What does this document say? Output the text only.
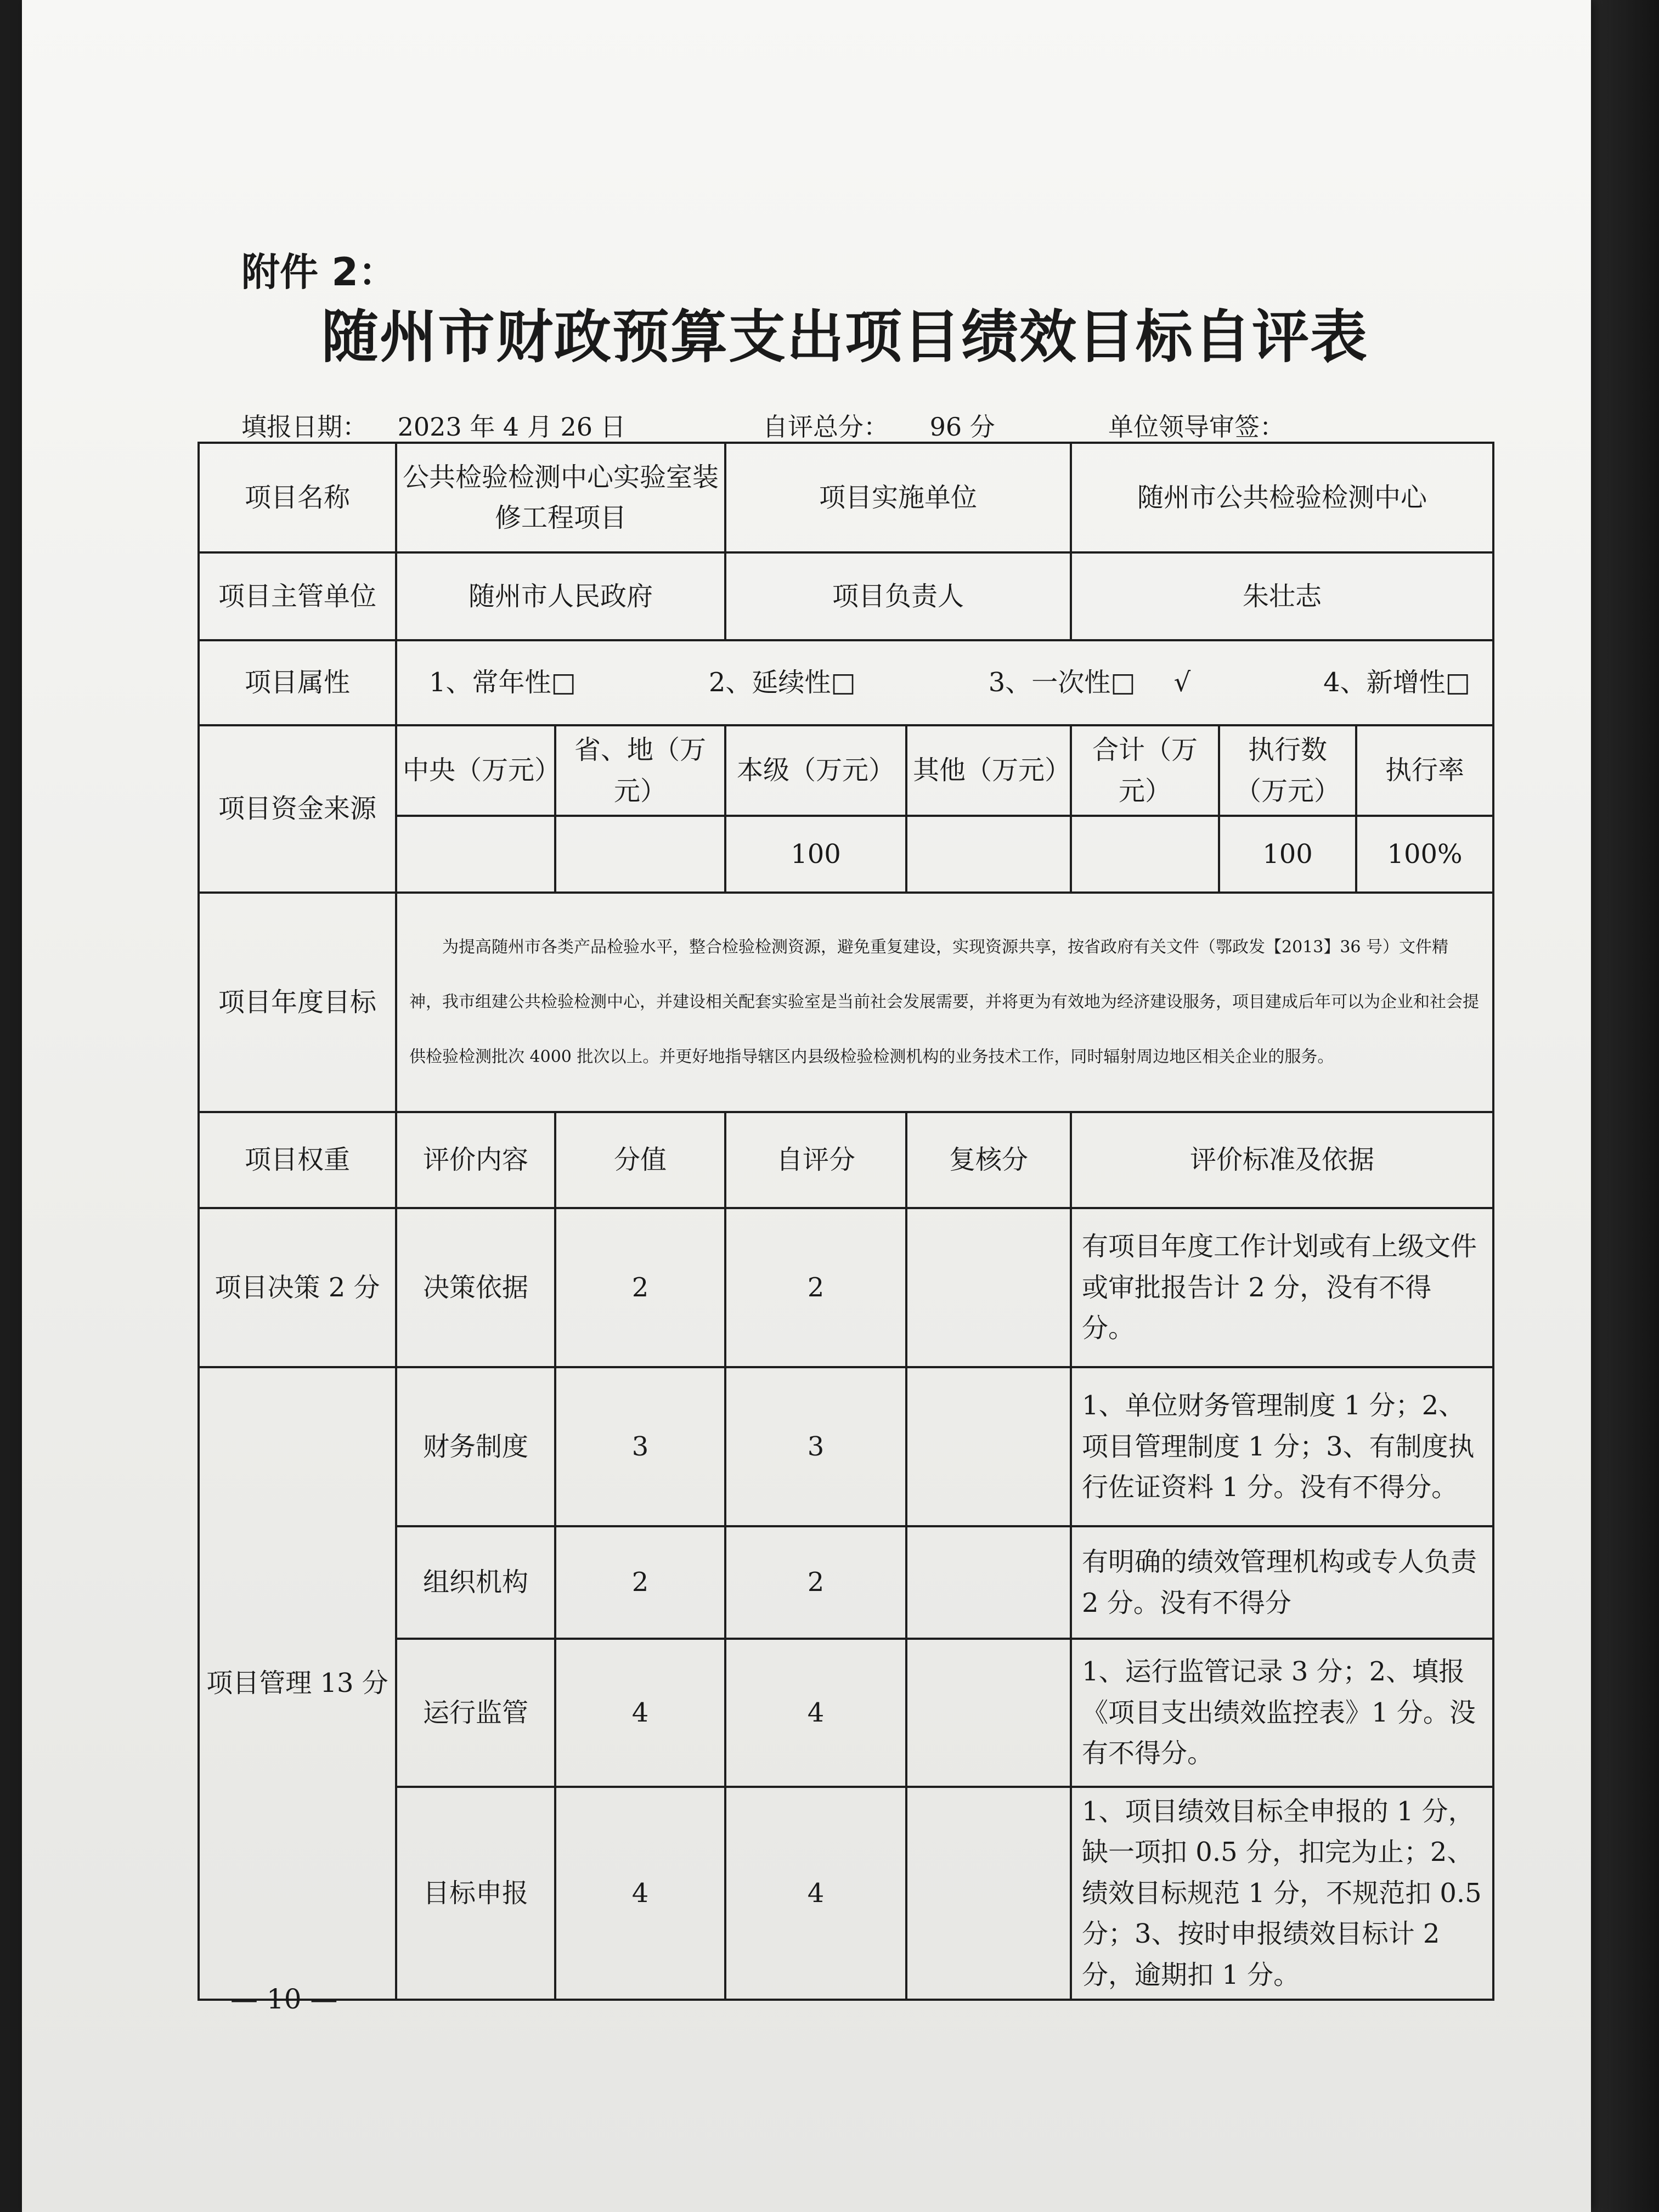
附件 2：
随州市财政预算支出项目绩效目标自评表
填报日期： 2023 年 4 月 26 日	自评总分： 96 分	单位领导审签：
项目名称	公共检验检测中心实验室装修工程项目		项目实施单位		随州市公共检验检测中心		
项目主管单位	随州市人民政府		项目负责人		朱壮志		
项目属性	1、常年性□ 2、延续性□ 3、一次性□ √ 4、新增性□						

项目资金来源	中央（万元）	省、地（万元）	本级（万元）	其他（万元）	合计（万元）	执行数（万元）	执行率
			100			100	100%
项目年度目标	为提高随州市各类产品检验水平，整合检验检测资源，避免重复建设，实现资源共享，按省政府有关文件（鄂政发【2013】36 号）文件精神，我市组建公共检验检测中心，并建设相关配套实验室是当前社会发展需要，并将更为有效地为经济建设服务，项目建成后年可以为企业和社会提供检验检测批次 4000 批次以上。并更好地指导辖区内县级检验检测机构的业务技术工作，同时辐射周边地区相关企业的服务。						
项目权重	评价内容	分值	自评分	复核分	评价标准及依据		
项目决策 2 分	决策依据	2	2		有项目年度工作计划或有上级文件或审批报告计 2 分，没有不得分。		
项目管理 13 分	财务制度	3	3		1、单位财务管理制度 1 分；2、项目管理制度 1 分；3、有制度执行佐证资料 1 分。没有不得分。		
	组织机构	2	2		有明确的绩效管理机构或专人负责 2 分。没有不得分		
	运行监管	4	4		1、运行监管记录 3 分；2、填报《项目支出绩效监控表》1 分。没有不得分。		
	目标申报	4	4		1、项目绩效目标全申报的 1 分，缺一项扣 0.5 分，扣完为止；2、绩效目标规范 1 分，不规范扣 0.5 分；3、按时申报绩效目标计 2 分，逾期扣 1 分。		
— 10 —
